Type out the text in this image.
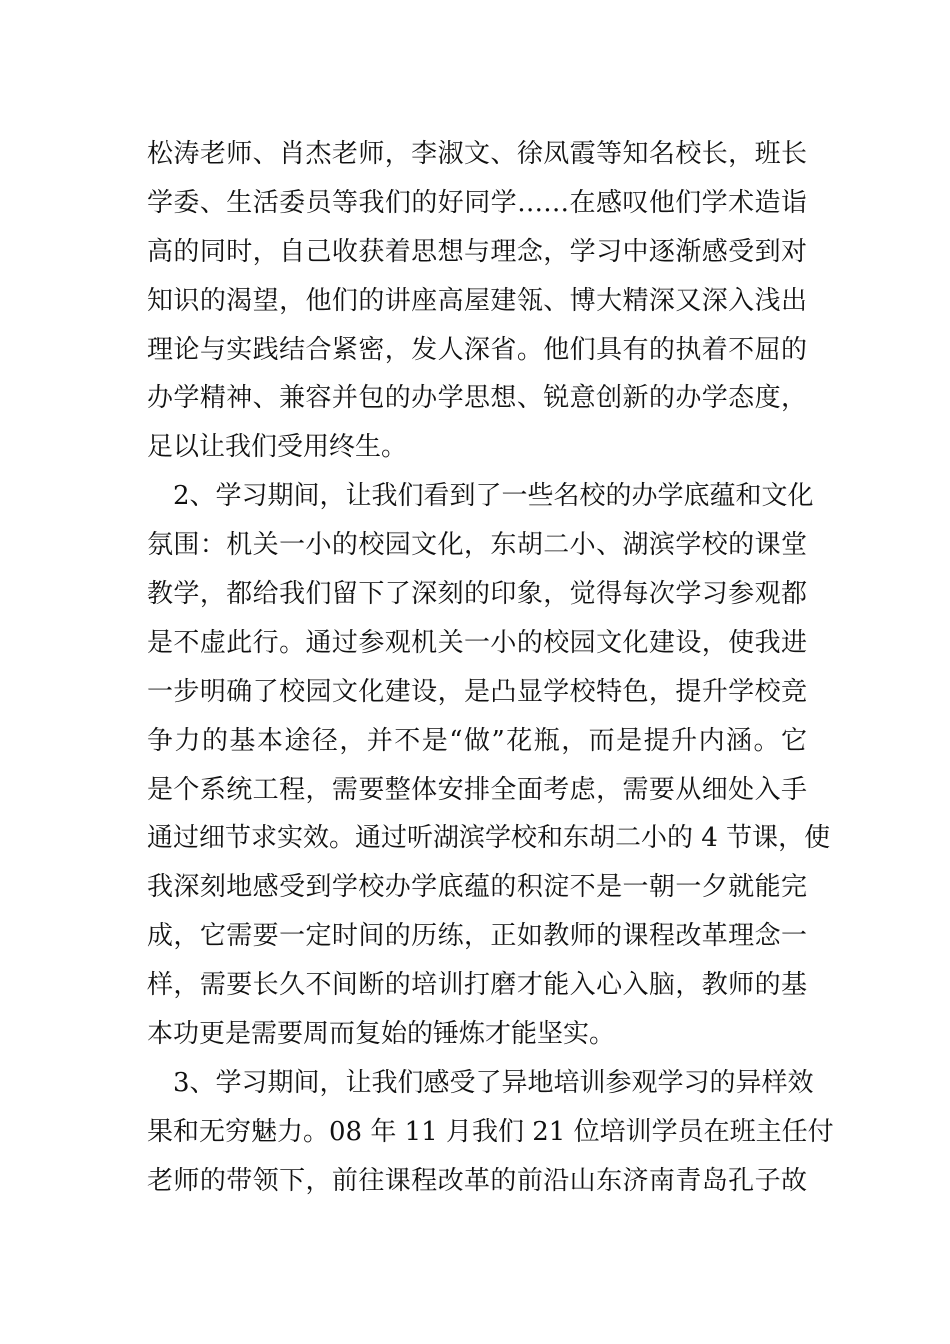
松涛老师、肖杰老师，李淑文、徐凤霞等知名校长，班长
学委、生活委员等我们的好同学……在感叹他们学术造诣
高的同时，自己收获着思想与理念，学习中逐渐感受到对
知识的渴望，他们的讲座高屋建瓴、博大精深又深入浅出
理论与实践结合紧密，发人深省。他们具有的执着不屈的
办学精神、兼容并包的办学思想、锐意创新的办学态度，
足以让我们受用终生。
2、学习期间，让我们看到了一些名校的办学底蕴和文化
氛围：机关一小的校园文化，东胡二小、湖滨学校的课堂
教学，都给我们留下了深刻的印象，觉得每次学习参观都
是不虚此行。通过参观机关一小的校园文化建设，使我进
一步明确了校园文化建设，是凸显学校特色，提升学校竞
争力的基本途径，并不是“做”花瓶，而是提升内涵。它
是个系统工程，需要整体安排全面考虑，需要从细处入手
通过细节求实效。通过听湖滨学校和东胡二小的 4 节课，使
我深刻地感受到学校办学底蕴的积淀不是一朝一夕就能完
成，它需要一定时间的历练，正如教师的课程改革理念一
样，需要长久不间断的培训打磨才能入心入脑，教师的基
本功更是需要周而复始的锤炼才能坚实。
3、学习期间，让我们感受了异地培训参观学习的异样效
果和无穷魅力。08 年 11 月我们 21 位培训学员在班主任付
老师的带领下，前往课程改革的前沿山东济南青岛孔子故
